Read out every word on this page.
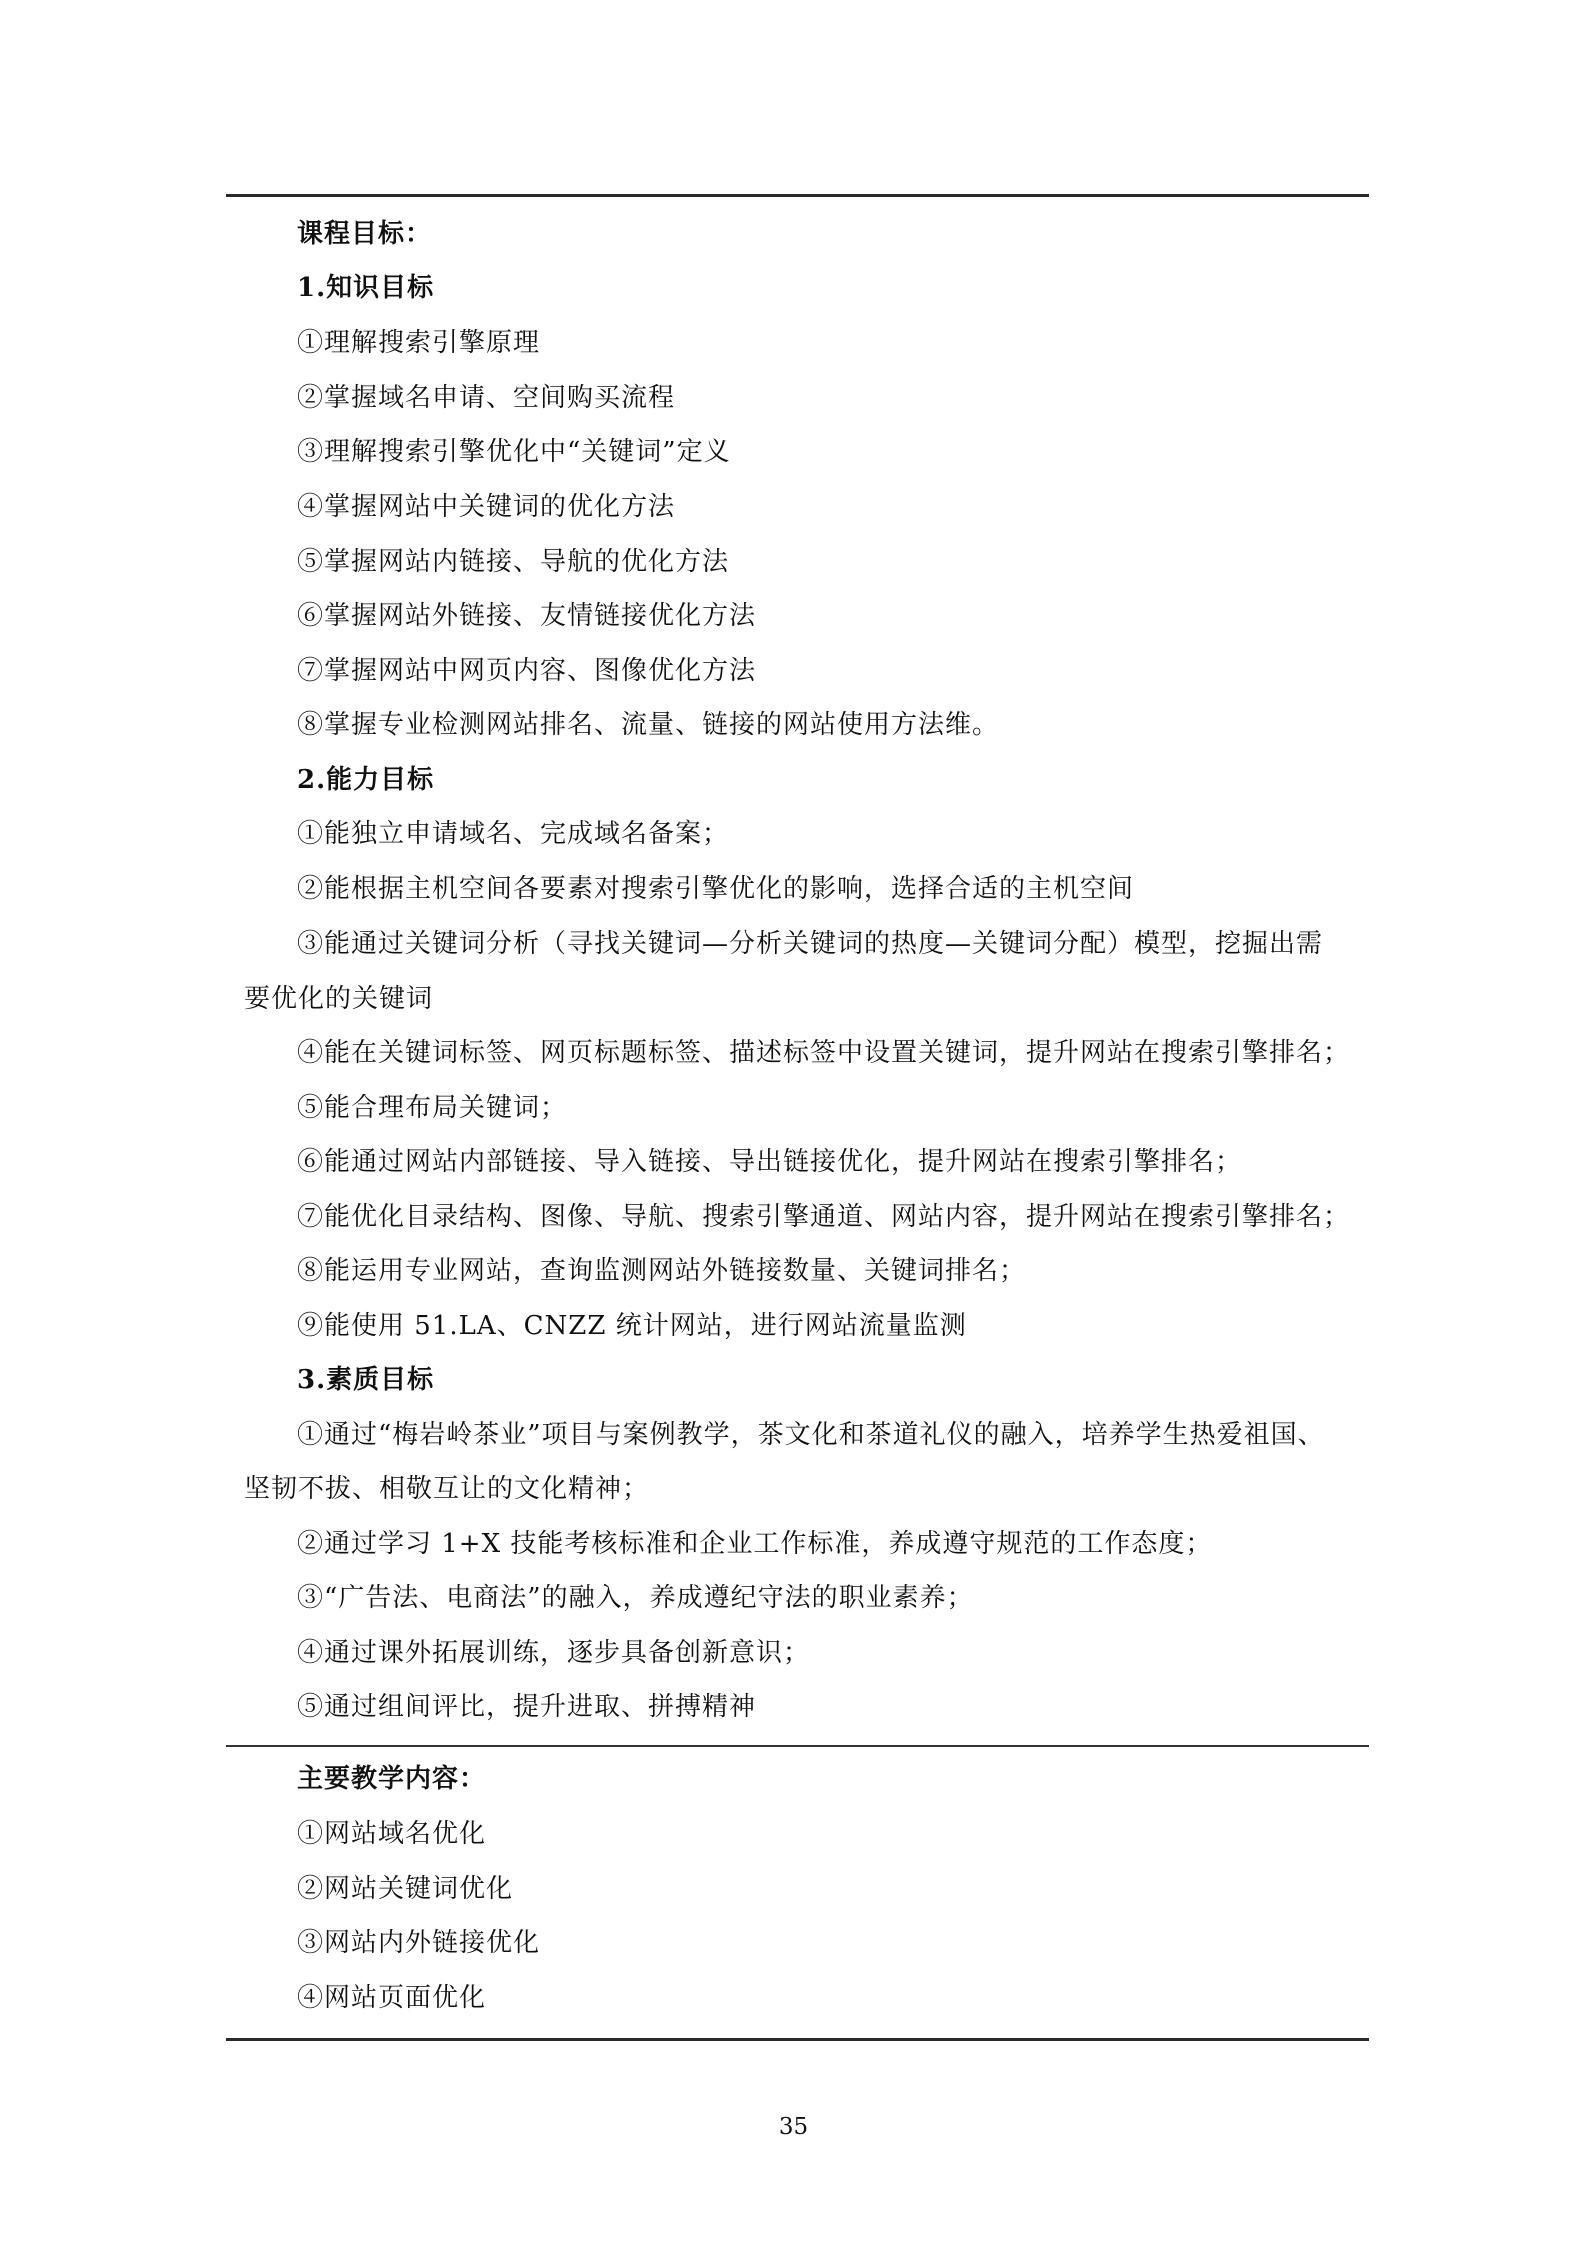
课程目标：
1.知识目标
①理解搜索引擎原理
②掌握域名申请、空间购买流程
③理解搜索引擎优化中“关键词”定义
④掌握网站中关键词的优化方法
⑤掌握网站内链接、导航的优化方法
⑥掌握网站外链接、友情链接优化方法
⑦掌握网站中网页内容、图像优化方法
⑧掌握专业检测网站排名、流量、链接的网站使用方法维。
2.能力目标
①能独立申请域名、完成域名备案；
②能根据主机空间各要素对搜索引擎优化的影响，选择合适的主机空间
③能通过关键词分析（寻找关键词—分析关键词的热度—关键词分配）模型，挖掘出需
要优化的关键词
④能在关键词标签、网页标题标签、描述标签中设置关键词，提升网站在搜索引擎排名；
⑤能合理布局关键词；
⑥能通过网站内部链接、导入链接、导出链接优化，提升网站在搜索引擎排名；
⑦能优化目录结构、图像、导航、搜索引擎通道、网站内容，提升网站在搜索引擎排名；
⑧能运用专业网站，查询监测网站外链接数量、关键词排名；
⑨能使用 51.LA、CNZZ 统计网站，进行网站流量监测
3.素质目标
①通过“梅岩岭茶业”项目与案例教学，茶文化和茶道礼仪的融入，培养学生热爱祖国、
坚韧不拔、相敬互让的文化精神；
②通过学习 1+X 技能考核标准和企业工作标准，养成遵守规范的工作态度；
③“广告法、电商法”的融入，养成遵纪守法的职业素养；
④通过课外拓展训练，逐步具备创新意识；
⑤通过组间评比，提升进取、拼搏精神
主要教学内容：
①网站域名优化
②网站关键词优化
③网站内外链接优化
④网站页面优化
35
